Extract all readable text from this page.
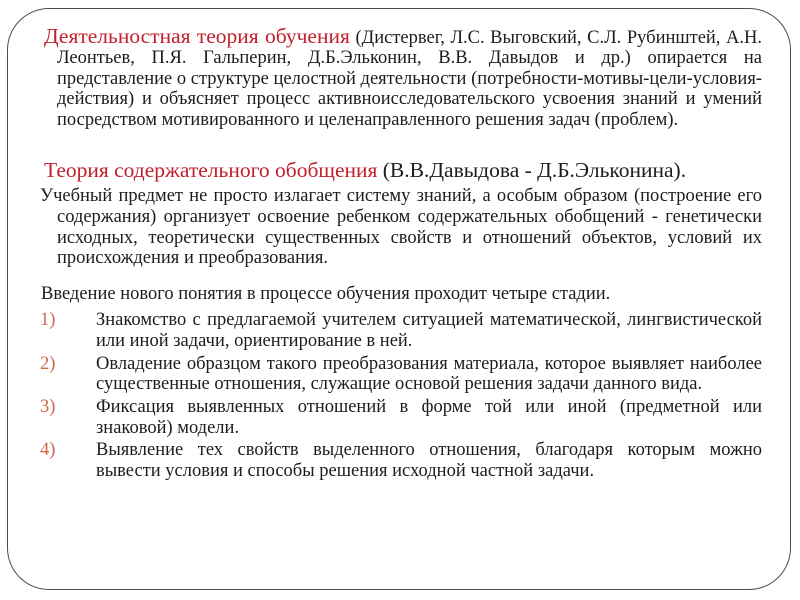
Деятельностная теория обучения (Дистервег, Л.С. Выговский, С.Л. Рубинштей, А.Н. Леонтьев, П.Я. Гальперин, Д.Б.Эльконин, В.В. Давыдов и др.) опирается на представление о структуре целостной деятельности (потребности-мотивы-цели-условия-действия) и объясняет процесс активноисследовательского усвоения знаний и умений посредством мотивированного и целенаправленного решения задач (проблем).

Теория содержательного обобщения (В.В.Давыдова - Д.Б.Эльконина).

Учебный предмет не просто излагает систему знаний, а особым образом (построение его содержания) организует освоение ребенком содержательных обобщений - генетически исходных, теоретически существенных свойств и отношений объектов, условий их происхождения и преобразования.

Введение нового понятия в процессе обучения проходит четыре стадии.

1) Знакомство с предлагаемой учителем ситуацией математической, лингвистической или иной задачи, ориентирование в ней.
2) Овладение образцом такого преобразования материала, которое выявляет наиболее существенные отношения, служащие основой решения задачи данного вида.
3) Фиксация выявленных отношений в форме той или иной (предметной или знаковой) модели.
4) Выявление тех свойств выделенного отношения, благодаря которым можно вывести условия и способы решения исходной частной задачи.
